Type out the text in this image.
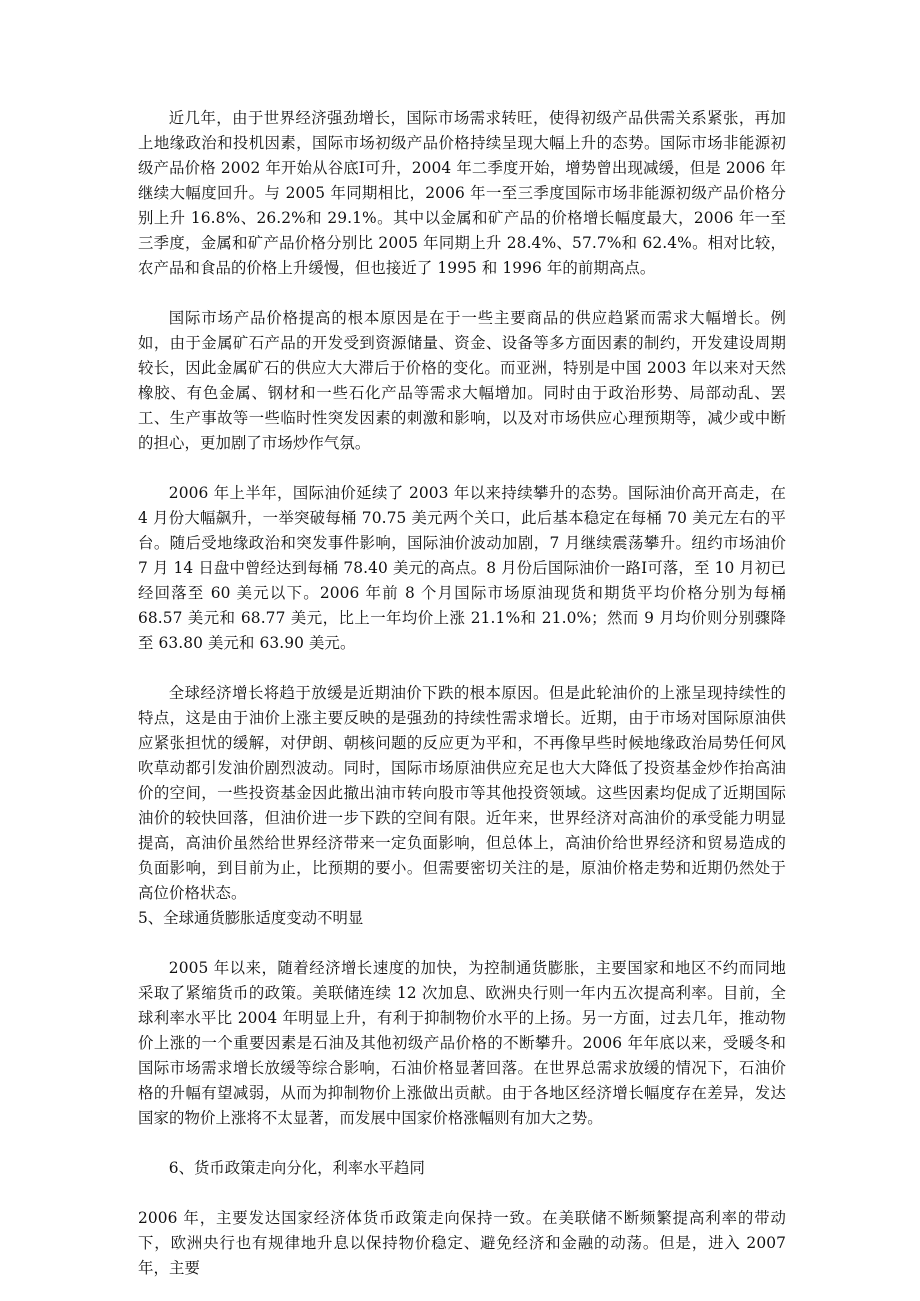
近几年，由于世界经济强劲增长，国际市场需求转旺，使得初级产品供需关系紧张，再加上地缘政治和投机因素，国际市场初级产品价格持续呈现大幅上升的态势。国际市场非能源初级产品价格 2002 年开始从谷底Ⅰ可升，2004 年二季度开始，增势曾出现减缓，但是 2006 年继续大幅度回升。与 2005 年同期相比，2006 年一至三季度国际市场非能源初级产品价格分别上升 16.8%、26.2%和 29.1%。其中以金属和矿产品的价格增长幅度最大，2006 年一至三季度，金属和矿产品价格分别比 2005 年同期上升 28.4%、57.7%和 62.4%。相对比较，农产品和食品的价格上升缓慢，但也接近了 1995 和 1996 年的前期高点。

国际市场产品价格提高的根本原因是在于一些主要商品的供应趋紧而需求大幅增长。例如，由于金属矿石产品的开发受到资源储量、资金、设备等多方面因素的制约，开发建设周期较长，因此金属矿石的供应大大滞后于价格的变化。而亚洲，特别是中国 2003 年以来对天然橡胶、有色金属、钢材和一些石化产品等需求大幅增加。同时由于政治形势、局部动乱、罢工、生产事故等一些临时性突发因素的刺激和影响，以及对市场供应心理预期等，减少或中断的担心，更加剧了市场炒作气氛。

2006 年上半年，国际油价延续了 2003 年以来持续攀升的态势。国际油价高开高走，在 4 月份大幅飙升，一举突破每桶 70.75 美元两个关口，此后基本稳定在每桶 70 美元左右的平台。随后受地缘政治和突发事件影响，国际油价波动加剧，7 月继续震荡攀升。纽约市场油价 7 月 14 日盘中曾经达到每桶 78.40 美元的高点。8 月份后国际油价一路Ⅰ可落，至 10 月初已经回落至 60 美元以下。2006 年前 8 个月国际市场原油现货和期货平均价格分别为每桶 68.57 美元和 68.77 美元，比上一年均价上涨 21.1%和 21.0%；然而 9 月均价则分别骤降至 63.80 美元和 63.90 美元。

全球经济增长将趋于放缓是近期油价下跌的根本原因。但是此轮油价的上涨呈现持续性的特点，这是由于油价上涨主要反映的是强劲的持续性需求增长。近期，由于市场对国际原油供应紧张担忧的缓解，对伊朗、朝核问题的反应更为平和，不再像早些时候地缘政治局势任何风吹草动都引发油价剧烈波动。同时，国际市场原油供应充足也大大降低了投资基金炒作抬高油价的空间，一些投资基金因此撤出油市转向股市等其他投资领域。这些因素均促成了近期国际油价的较快回落，但油价进一步下跌的空间有限。近年来，世界经济对高油价的承受能力明显提高，高油价虽然给世界经济带来一定负面影响，但总体上，高油价给世界经济和贸易造成的负面影响，到目前为止，比预期的要小。但需要密切关注的是，原油价格走势和近期仍然处于高位价格状态。

5、全球通货膨胀适度变动不明显

2005 年以来，随着经济增长速度的加快，为控制通货膨胀，主要国家和地区不约而同地采取了紧缩货币的政策。美联储连续 12 次加息、欧洲央行则一年内五次提高利率。目前，全球利率水平比 2004 年明显上升，有利于抑制物价水平的上扬。另一方面，过去几年，推动物价上涨的一个重要因素是石油及其他初级产品价格的不断攀升。2006 年年底以来，受暖冬和国际市场需求增长放缓等综合影响，石油价格显著回落。在世界总需求放缓的情况下，石油价格的升幅有望减弱，从而为抑制物价上涨做出贡献。由于各地区经济增长幅度存在差异，发达国家的物价上涨将不太显著，而发展中国家价格涨幅则有加大之势。

6、货币政策走向分化，利率水平趋同

2006 年，主要发达国家经济体货币政策走向保持一致。在美联储不断频繁提高利率的带动下，欧洲央行也有规律地升息以保持物价稳定、避免经济和金融的动荡。但是，进入 2007 年，主要
